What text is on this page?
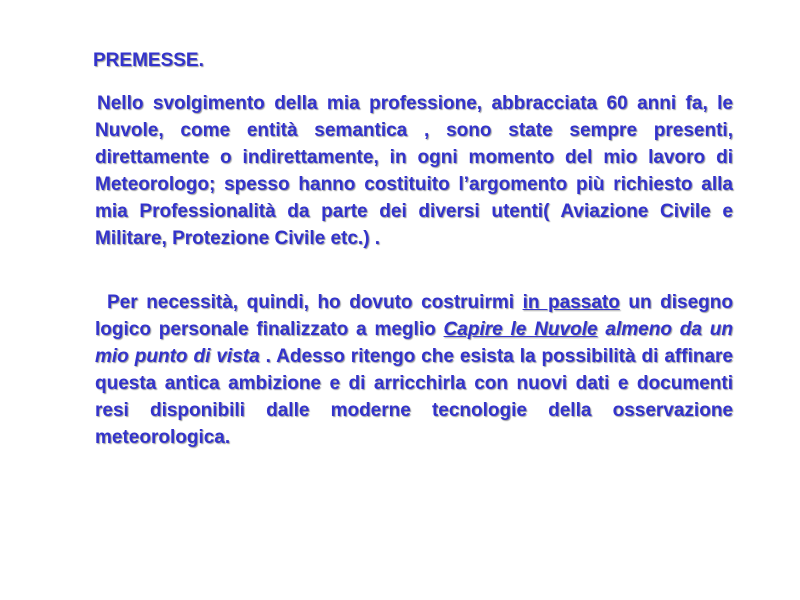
PREMESSE.

Nello svolgimento della mia professione, abbracciata 60 anni fa, le Nuvole, come entità semantica , sono state sempre presenti, direttamente o indirettamente, in ogni momento del mio lavoro di Meteorologo; spesso hanno costituito l’argomento più richiesto alla mia Professionalità da parte dei diversi utenti( Aviazione Civile e Militare, Protezione Civile etc.) .

Per necessità, quindi, ho dovuto costruirmi in passato un disegno logico personale finalizzato a meglio Capire le Nuvole almeno da un mio punto di vista . Adesso ritengo che esista la possibilità di affinare questa antica ambizione e di arricchirla con nuovi dati e documenti resi disponibili dalle moderne tecnologie della osservazione meteorologica.
